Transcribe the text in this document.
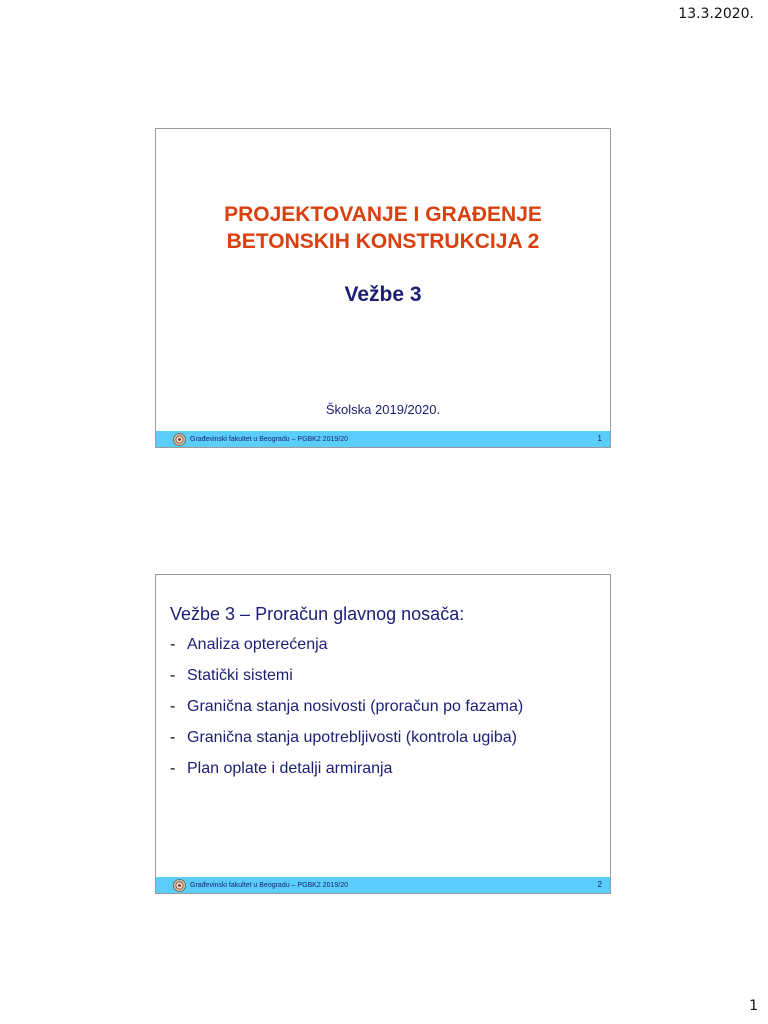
13.3.2020.
PROJEKTOVANJE I GRAĐENJE
BETONSKIH KONSTRUKCIJA 2
Vežbe 3
Školska 2019/2020.
Građevinski fakultet u Beogradu – PGBK2 2019/20	1
Vežbe 3 – Proračun glavnog nosača:
- Analiza opterećenja
- Statički sistemi
- Granična stanja nosivosti (proračun po fazama)
- Granična stanja upotrebljivosti (kontrola ugiba)
- Plan oplate i detalji armiranja
Građevinski fakultet u Beogradu – PGBK2 2019/20	2
1
